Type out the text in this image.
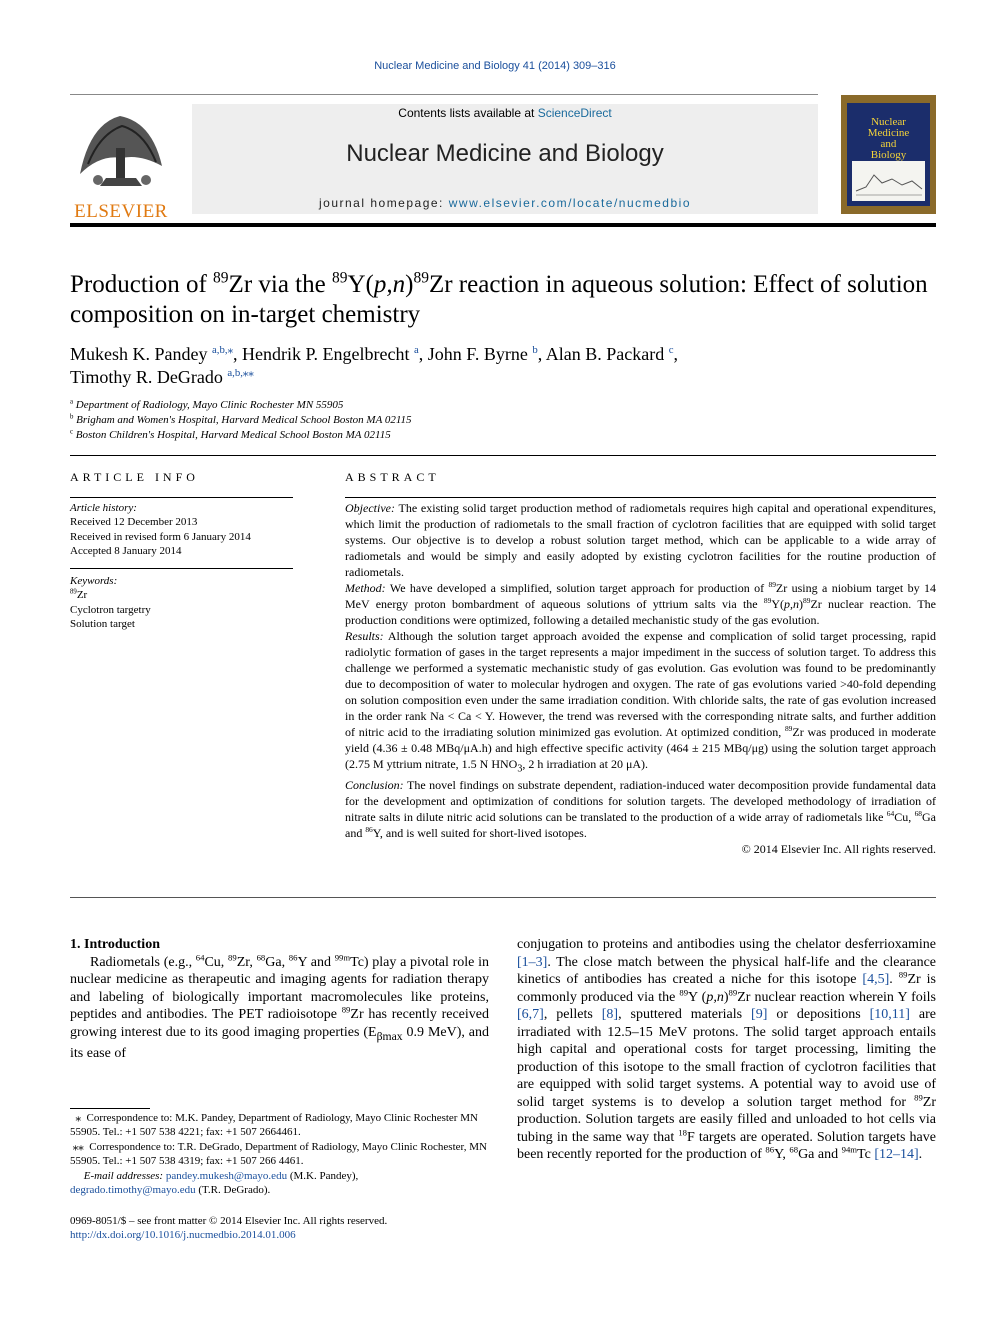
Nuclear Medicine and Biology 41 (2014) 309–316
ELSEVIER
Contents lists available at ScienceDirect
Nuclear Medicine and Biology
journal homepage: www.elsevier.com/locate/nucmedbio
Nuclear
Medicine
and
Biology
Production of $^{89}$Zr via the $^{89}Y(p,n)^{89}Zr$ reaction in aqueous solution: Effect of solution composition on in-target chemistry
Mukesh K. Pandey $^{a,b,⁎}$, Hendrik P. Engelbrecht $^a$, John F. Byrne $^b$, Alan B. Packard $^c$,
Timothy R. DeGrado $^{a,b,⁎⁎}$
$^a$ Department of Radiology, Mayo Clinic Rochester MN 55905
$^b$ Brigham and Women's Hospital, Harvard Medical School Boston MA 02115
$^c$ Boston Children's Hospital, Harvard Medical School Boston MA 02115
ARTICLE INFO	ABSTRACT
Article history:
Received 12 December 2013
Received in revised form 6 January 2014
Accepted 8 January 2014
Keywords:
$^{89}$Zr
Cyclotron targetry
Solution target

Objective: The existing solid target production method of radiometals requires high capital and operational expenditures, which limit the production of radiometals to the small fraction of cyclotron facilities that are equipped with solid target systems. Our objective is to develop a robust solution target method, which can be applicable to a wide array of radiometals and would be simply and easily adopted by existing cyclotron facilities for the routine production of radiometals.

Method: We have developed a simplified, solution target approach for production of $^{89}$Zr using a niobium target by 14 MeV energy proton bombardment of aqueous solutions of yttrium salts via the $^{89}Y(p,n)^{89}Zr$ nuclear reaction. The production conditions were optimized, following a detailed mechanistic study of the gas evolution.

Results: Although the solution target approach avoided the expense and complication of solid target processing, rapid radiolytic formation of gases in the target represents a major impediment in the success of solution target. To address this challenge we performed a systematic mechanistic study of gas evolution. Gas evolution was found to be predominantly due to decomposition of water to molecular hydrogen and oxygen. The rate of gas evolutions varied >40-fold depending on solution composition even under the same irradiation condition. With chloride salts, the rate of gas evolution increased in the order rank Na < Ca < Y. However, the trend was reversed with the corresponding nitrate salts, and further addition of nitric acid to the irradiating solution minimized gas evolution. At optimized condition, $^{89}$Zr was produced in moderate yield (4.36 ± 0.48 MBq/μA.h) and high effective specific activity (464 ± 215 MBq/μg) using the solution target approach (2.75 M yttrium nitrate, 1.5 N $HNO_3$, 2 h irradiation at 20 μA).

Conclusion: The novel findings on substrate dependent, radiation-induced water decomposition provide fundamental data for the development and optimization of conditions for solution targets. The developed methodology of irradiation of nitrate salts in dilute nitric acid solutions can be translated to the production of a wide array of radiometals like $^{64}$Cu, $^{68}$Ga and $^{86}$Y, and is well suited for short-lived isotopes.

© 2014 Elsevier Inc. All rights reserved.

1. Introduction

Radiometals (e.g., $^{64}$Cu, $^{89}$Zr, $^{68}$Ga, $^{86}$Y and $^{99m}$Tc) play a pivotal role in nuclear medicine as therapeutic and imaging agents for radiation therapy and labeling of biologically important macromolecules like proteins, peptides and antibodies. The PET radioisotope $^{89}$Zr has recently received growing interest due to its good imaging properties ($E_{\beta max}$ 0.9 MeV), and its ease of

conjugation to proteins and antibodies using the chelator desferrioxamine [1–3]. The close match between the physical half-life and the clearance kinetics of antibodies has created a niche for this isotope [4,5]. $^{89}$Zr is commonly produced via the $^{89}$Y $(p,n)^{89}Zr$ nuclear reaction wherein Y foils [6,7], pellets [8], sputtered materials [9] or depositions [10,11] are irradiated with 12.5–15 MeV protons. The solid target approach entails high capital and operational costs for target processing, limiting the production of this isotope to the small fraction of cyclotron facilities that are equipped with solid target systems. A potential way to avoid use of solid target systems is to develop a solution target method for $^{89}$Zr production. Solution targets are easily filled and unloaded to hot cells via tubing in the same way that $^{18}$F targets are operated. Solution targets have been recently reported for the production of $^{86}$Y, $^{68}$Ga and $^{94m}$Tc [12–14].

⁎ Correspondence to: M.K. Pandey, Department of Radiology, Mayo Clinic Rochester MN 55905. Tel.: +1 507 538 4221; fax: +1 507 2664461.

⁎⁎ Correspondence to: T.R. DeGrado, Department of Radiology, Mayo Clinic Rochester, MN 55905. Tel.: +1 507 538 4319; fax: +1 507 266 4461.

E-mail addresses: pandey.mukesh@mayo.edu (M.K. Pandey),
degrado.timothy@mayo.edu (T.R. DeGrado).

0969-8051/$ – see front matter © 2014 Elsevier Inc. All rights reserved.

http://dx.doi.org/10.1016/j.nucmedbio.2014.01.006
